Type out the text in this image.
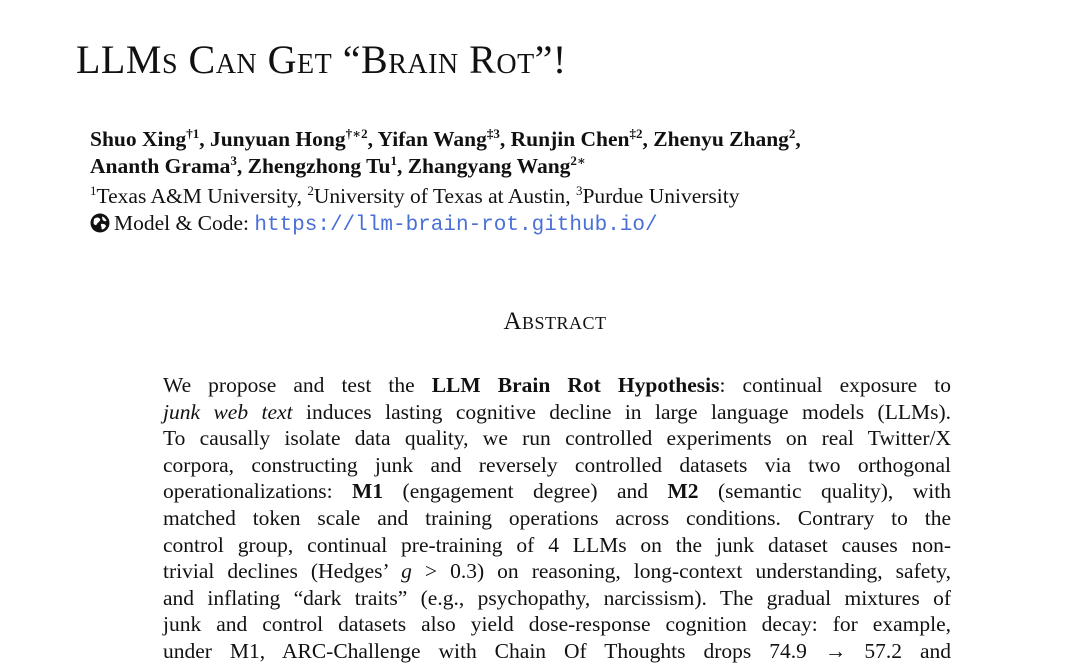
LLMs Can Get “Brain Rot”!
Shuo Xing$^{\dagger 1}$, Junyuan Hong$^{\dagger∗2}$, Yifan Wang$^{\ddagger 3}$, Runjin Chen$^{\ddagger 2}$, Zhenyu Zhang$^2$,
Ananth Grama$^3$, Zhengzhong Tu$^1$, Zhangyang Wang$^{2∗}$
$^1$Texas A&M University, $^2$University of Texas at Austin, $^3$Purdue University
Model & Code: https://llm-brain-rot.github.io/
Abstract
We propose and test the LLM Brain Rot Hypothesis: continual exposure to
junk web text induces lasting cognitive decline in large language models (LLMs).
To causally isolate data quality, we run controlled experiments on real Twitter/X
corpora, constructing junk and reversely controlled datasets via two orthogonal
operationalizations: M1 (engagement degree) and M2 (semantic quality), with
matched token scale and training operations across conditions. Contrary to the
control group, continual pre-training of 4 LLMs on the junk dataset causes non-
trivial declines (Hedges’ g > 0.3) on reasoning, long-context understanding, safety,
and inflating “dark traits” (e.g., psychopathy, narcissism). The gradual mixtures of
junk and control datasets also yield dose-response cognition decay: for example,
under M1, ARC-Challenge with Chain Of Thoughts drops 74.9 → 57.2 and
